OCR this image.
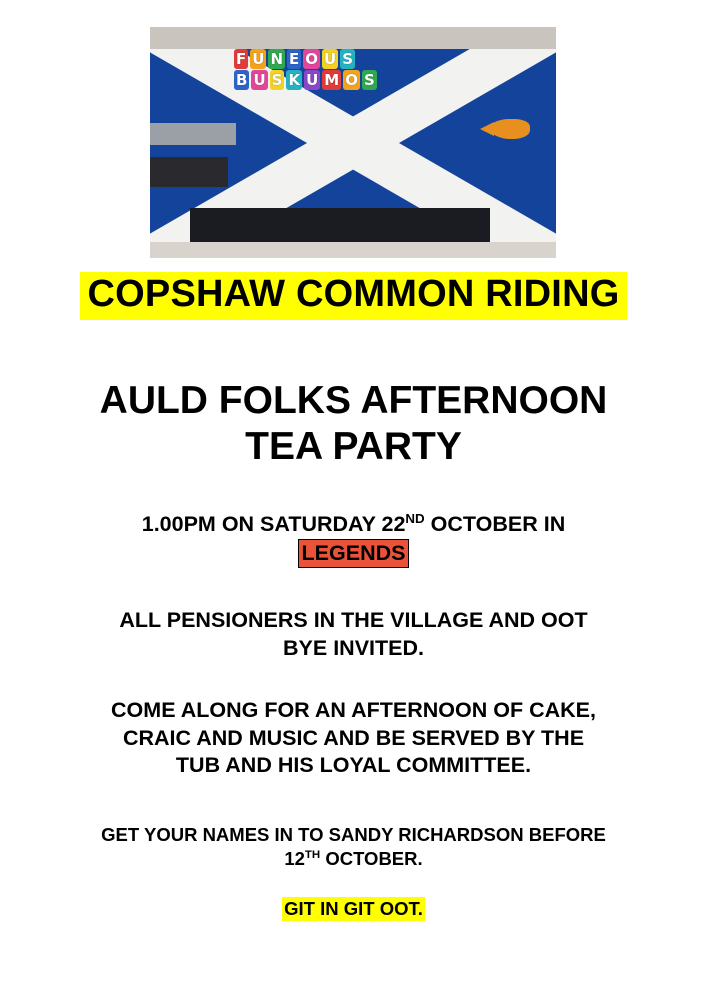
F U N E O U S
B U S K U M O S
COPSHAW COMMON RIDING
AULD FOLKS AFTERNOON
TEA PARTY
1.00PM ON SATURDAY 22ND OCTOBER IN
LEGENDS
ALL PENSIONERS IN THE VILLAGE AND OOT
BYE INVITED.
COME ALONG FOR AN AFTERNOON OF CAKE,
CRAIC AND MUSIC AND BE SERVED BY THE
TUB AND HIS LOYAL COMMITTEE.
GET YOUR NAMES IN TO SANDY RICHARDSON BEFORE
12TH OCTOBER.
GIT IN GIT OOT.
